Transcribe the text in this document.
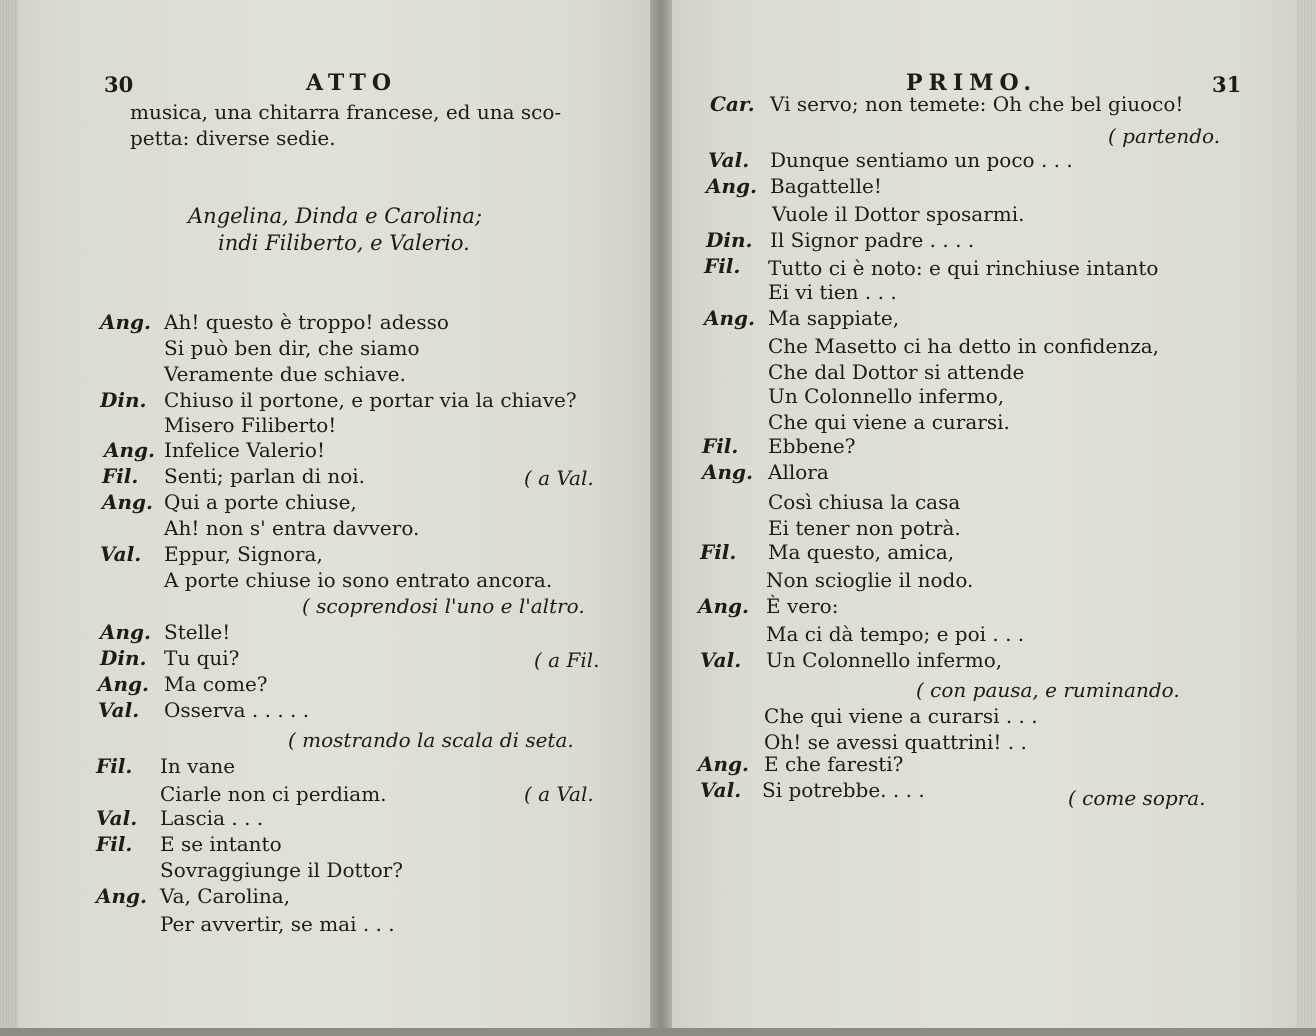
30	ATTO
musica, una chitarra francese, ed una sco-
petta: diverse sedie.
Angelina, Dinda e Carolina;
indi Filiberto, e Valerio.
Ang. Ah! questo è troppo! adesso
Si può ben dir, che siamo
Veramente due schiave.
Din. Chiuso il portone, e portar via la chiave?
Misero Filiberto!
Ang. Infelice Valerio!
Fil. Senti; parlan di noi.	( a Val.
Ang. Qui a porte chiuse,
Ah! non s' entra davvero.
Val. Eppur, Signora,
A porte chiuse io sono entrato ancora.
( scoprendosi l'uno e l'altro.
Ang. Stelle!
Din. Tu qui?	( a Fil.
Ang. Ma come?
Val. Osserva . . . . .
( mostrando la scala di seta.
Fil. In vane
Ciarle non ci perdiam.	( a Val.
Val. Lascia . . .
Fil. E se intanto
Sovraggiunge il Dottor?
Ang. Va, Carolina,
Per avvertir, se mai . . .
PRIMO.	31
Car. Vi servo; non temete: Oh che bel giuoco!
( partendo.
Val. Dunque sentiamo un poco . . .
Ang. Bagattelle!
Vuole il Dottor sposarmi.
Din. Il Signor padre . . . .
Fil. Tutto ci è noto: e qui rinchiuse intanto
Ei vi tien . . .
Ang. Ma sappiate,
Che Masetto ci ha detto in confidenza,
Che dal Dottor si attende
Un Colonnello infermo,
Che qui viene a curarsi.
Fil. Ebbene?
Ang. Allora
Così chiusa la casa
Ei tener non potrà.
Fil. Ma questo, amica,
Non scioglie il nodo.
Ang. È vero:
Ma ci dà tempo; e poi . . .
Val. Un Colonnello infermo,
( con pausa, e ruminando.
Che qui viene a curarsi . . .
Oh! se avessi quattrini! . .
Ang. E che faresti?
Val. Si potrebbe. . . .	( come sopra.
